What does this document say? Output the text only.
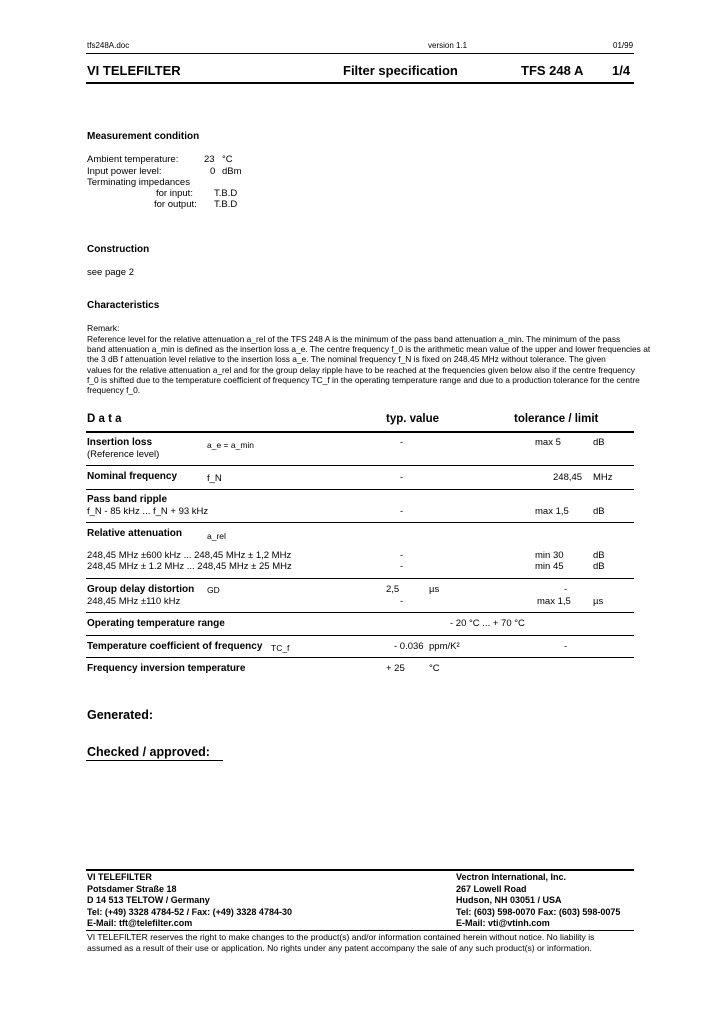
tfs248A.doc	version 1.1	01/99
VI TELEFILTER	Filter specification	TFS 248 A 1/4
Measurement condition
Ambient temperature:	23 °C
Input power level:	0 dBm
Terminating impedances
for input: T.B.D
for output: T.B.D
Construction
see page 2
Characteristics
Remark:

Reference level for the relative attenuation a_rel of the TFS 248 A is the minimum of the pass band attenuation a_min. The minimum of the pass

band attenuation a_min is defined as the insertion loss a_e. The centre frequency f_0 is the arithmetic mean value of the upper and lower frequencies at

the 3 dB f attenuation level relative to the insertion loss a_e. The nominal frequency f_N is fixed on 248.45 MHz without tolerance. The given

values for the relative attenuation a_rel and for the group delay ripple have to be reached at the frequencies given below also if the centre frequency

f_0 is shifted due to the temperature coefficient of frequency TC_f in the operating temperature range and due to a production tolerance for the centre

frequency f_0.

D a t a	typ. value	tolerance / limit
Insertion loss
(Reference level)
a_e = a_min	-	max 5	dB
Nominal frequency	f_N	-	248,45 MHz
Pass band ripple
f_N - 85 kHz ... f_N + 93 kHz	-	max 1,5	dB
Relative attenuation	a_rel
248,45 MHz ±600 kHz ... 248,45 MHz ± 1,2 MHz	-	min 30	dB
248,45 MHz ± 1.2 MHz ... 248,45 MHz ± 25 MHz	-	min 45	dB
Group delay distortion GD	2,5	µs	-
248,45 MHz ±110 kHz	-	max 1,5 µs
Operating temperature range	- 20 °C ... + 70 °C
Temperature coefficient of frequency TC_f	- 0.036 ppm/K²	-
Frequency inversion temperature	+ 25	°C
Generated:
Checked / approved:
VI TELEFILTER
Potsdamer Straße 18
D 14 513 TELTOW / Germany
Tel: (+49) 3328 4784-52 / Fax: (+49) 3328 4784-30
E-Mail: tft@telefilter.com
Vectron International, Inc.
267 Lowell Road
Hudson, NH 03051 / USA
Tel: (603) 598-0070 Fax: (603) 598-0075
E-Mail: vti@vtinh.com
VI TELEFILTER reserves the right to make changes to the product(s) and/or information contained herein without notice. No liability is
assumed as a result of their use or application. No rights under any patent accompany the sale of any such product(s) or information.
